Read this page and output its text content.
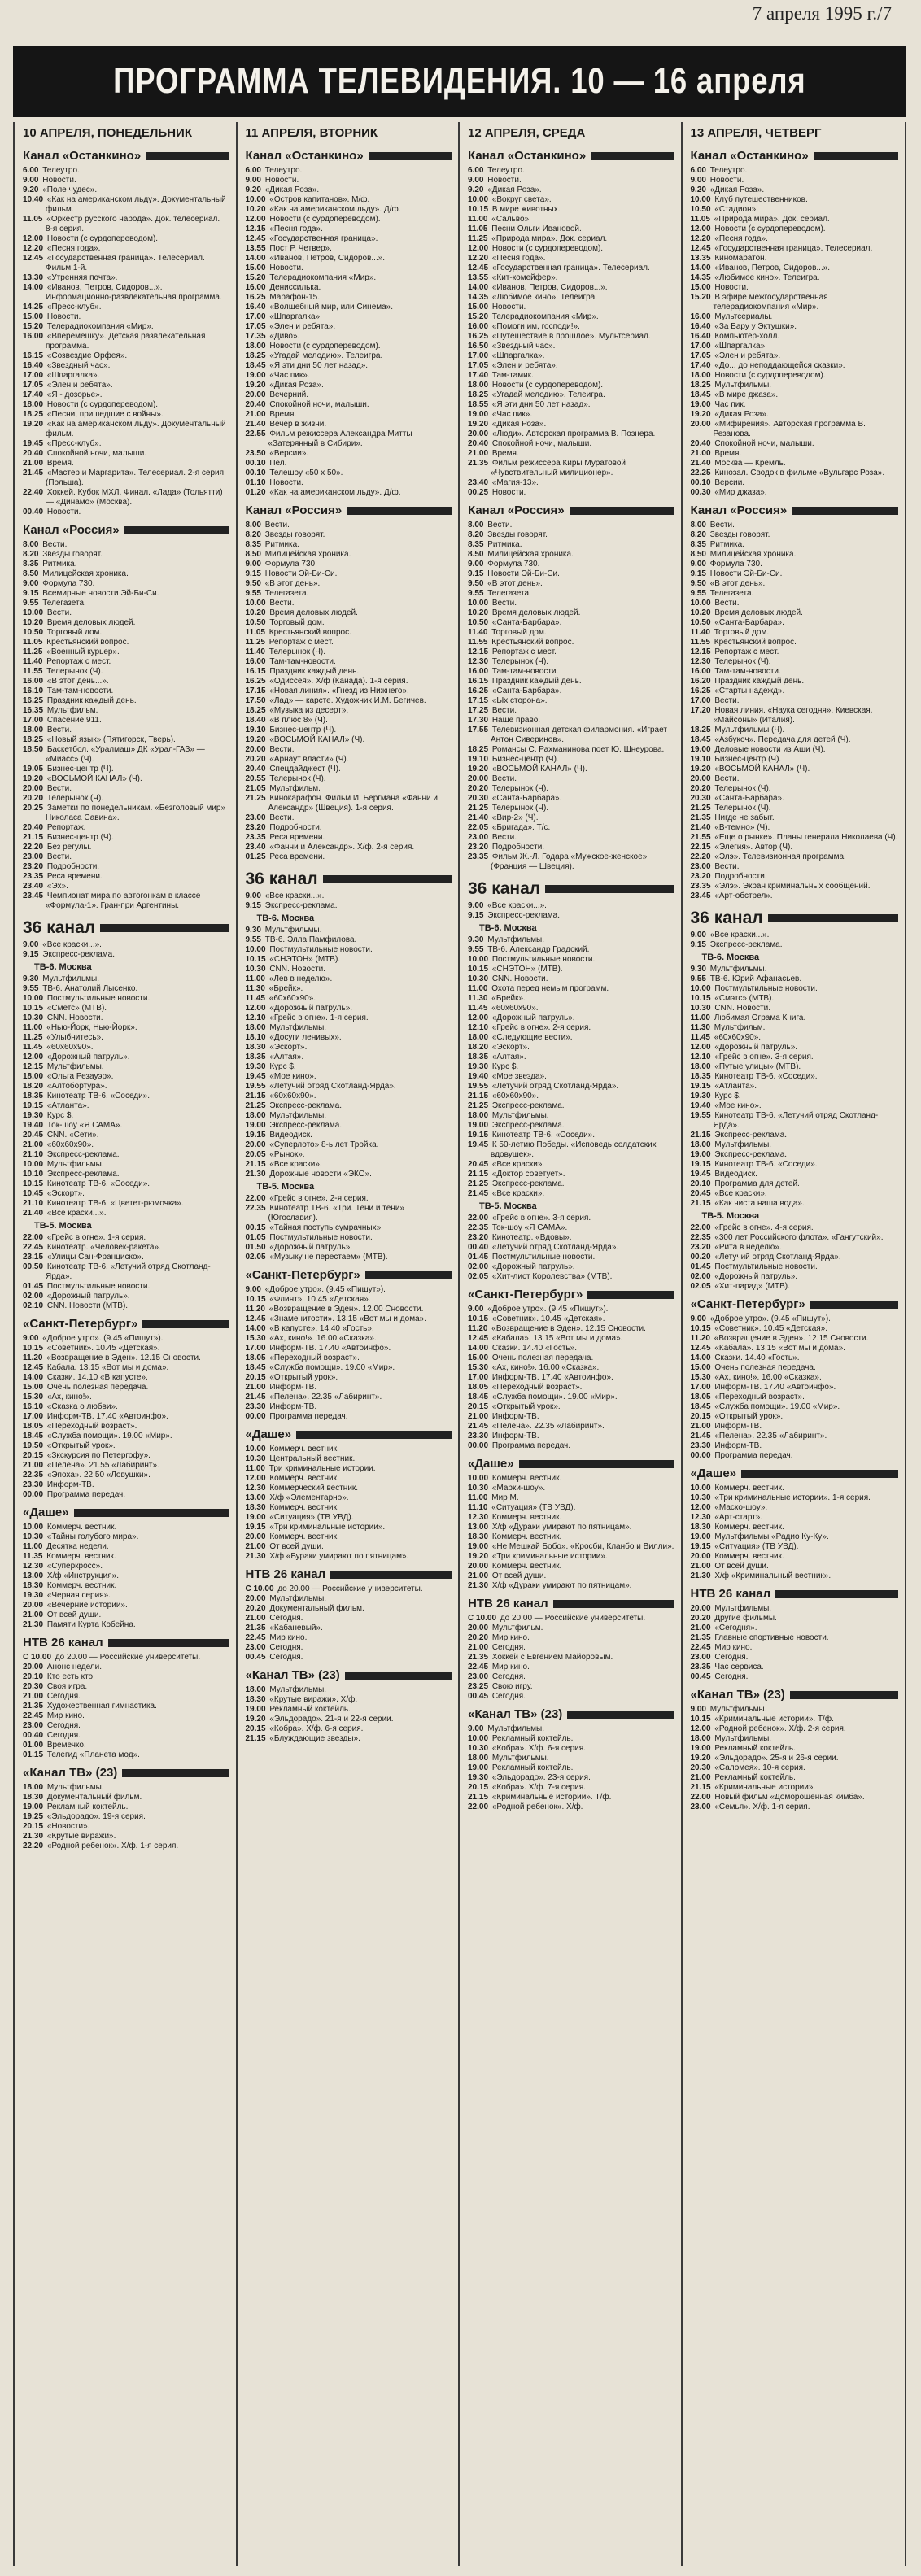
7 апреля 1995 г./7
ПРОГРАММА ТЕЛЕВИДЕНИЯ. 10 — 16 апреля
10 АПРЕЛЯ, ПОНЕДЕЛЬНИК
Канал «Останкино»
6.00 Телеутро.
9.00 Новости.
9.20 «Поле чудес».
10.40 «Как на американском льду». Документальный фильм.
11.05 «Оркестр русского народа». Док. телесериал. 8-я серия.
12.00 Новости (с сурдопереводом).
12.20 «Песня года».
12.45 «Государственная граница». Телесериал. Фильм 1-й.
13.30 «Утренняя почта».
14.00 «Иванов, Петров, Сидоров...». Информационно-развлекательная программа.
14.25 «Пресс-клуб».
15.00 Новости.
15.20 Телерадиокомпания «Мир».
16.00 «Вперемешку». Детская развлекательная программа.
16.15 «Созвездие Орфея».
16.40 «Звездный час».
17.00 «Шпаргалка».
17.05 «Элен и ребята».
17.40 «Я - дозорье».
18.00 Новости (с сурдопереводом).
18.25 «Песни, пришедшие с войны».
19.20 «Как на американском льду». Документальный фильм.
19.45 «Пресс-клуб».
20.40 Спокойной ночи, малыши.
21.00 Время.
21.45 «Мастер и Маргарита». Телесериал. 2-я серия (Польша).
22.40 Хоккей. Кубок МХЛ. Финал. «Лада» (Тольятти) — «Динамо» (Москва).
00.40 Новости.
Канал «Россия»
8.00 Вести.
8.20 Звезды говорят.
8.35 Ритмика.
8.50 Милицейская хроника.
9.00 Формула 730.
9.15 Всемирные новости Эй-Би-Си.
9.55 Телегазета.
10.00 Вести.
10.20 Время деловых людей.
10.50 Торговый дом.
11.05 Крестьянский вопрос.
11.25 «Военный курьер».
11.40 Репортаж с мест.
11.55 Телерынок (Ч).
16.00 «В этот день...».
16.10 Там-там-новости.
16.25 Праздник каждый день.
16.35 Мультфильм.
17.00 Спасение 911.
18.00 Вести.
18.25 «Новый язык» (Пятигорск, Тверь).
18.50 Баскетбол. «Уралмаш» ДК «Урал-ГАЗ» — «Миасс» (Ч).
19.05 Бизнес-центр (Ч).
19.20 «ВОСЬМОЙ КАНАЛ» (Ч).
20.00 Вести.
20.20 Телерынок (Ч).
20.25 Заметки по понедельникам. «Безголовый мир» Николаса Савина».
20.40 Репортаж.
21.15 Бизнес-центр (Ч).
22.20 Без регулы.
23.00 Вести.
23.20 Подробности.
23.35 Реса времени.
23.40 «Эх».
23.45 Чемпионат мира по автогонкам в классе «Формула-1». Гран-при Аргентины.
36 канал
9.00 «Все краски...».
9.15 Экспресс-реклама.
ТВ-6. Москва
9.30 Мультфильмы.
9.55 ТВ-6. Анатолий Лысенко.
10.00 Постмультильные новости.
10.15 «Сметс» (МТВ).
10.30 CNN. Новости.
11.00 «Нью-Йорк, Нью-Йорк».
11.25 «Улыбнитесь».
11.45 «60x60x90».
12.00 «Дорожный патруль».
12.15 Мультфильмы.
18.00 «Ольга Резауэр».
18.20 «Алтобортура».
18.35 Кинотеатр ТВ-6. «Соседи».
19.15 «Атланта».
19.30 Курс $.
19.40 Ток-шоу «Я САМА».
20.45 CNN. «Сети».
21.00 «60x60x90».
21.10 Экспресс-реклама.
10.00 Мультфильмы.
10.10 Экспресс-реклама.
10.15 Кинотеатр ТВ-6. «Соседи».
10.45 «Эскорт».
21.10 Кинотеатр ТВ-6. «Цветет-рюмочка».
21.40 «Все краски...».
ТВ-5. Москва
22.00 «Грейс в огне». 1-я серия.
22.45 Кинотеатр. «Человек-ракета».
23.15 «Улицы Сан-Франциско».
00.50 Кинотеатр ТВ-6. «Летучий отряд Скотланд-Ярда».
01.45 Постмультильные новости.
02.00 «Дорожный патруль».
02.10 CNN. Новости (МТВ).
«Санкт-Петербург»
9.00 «Доброе утро». (9.45 «Пишут»).
10.15 «Советник». 10.45 «Детская».
11.20 «Возвращение в Эден». 12.15 Сновости.
12.45 Кабала. 13.15 «Вот мы и дома».
14.00 Сказки. 14.10 «В капусте».
15.00 Очень полезная передача.
15.30 «Ах, кино!».
16.10 «Сказка о любви».
17.00 Информ-ТВ. 17.40 «Автоинфо».
18.05 «Переходный возраст».
18.45 «Служба помощи». 19.00 «Мир».
19.50 «Открытый урок».
20.15 «Зкскурсия по Петергофу».
21.00 «Пелена». 21.55 «Лабиринт».
22.35 «Эпоха». 22.50 «Ловушки».
23.30 Информ-ТВ.
00.00 Программа передач.
«Даше»
10.00 Коммерч. вестник.
10.30 «Тайны голубого мира».
11.00 Десятка недели.
11.35 Коммерч. вестник.
12.30 «Суперкросс».
13.00 Х/ф «Инструкция».
18.30 Коммерч. вестник.
19.30 «Черная серия».
20.00 «Вечерние истории».
21.00 От всей души.
21.30 Памяти Курта Кобейна.
НТВ 26 канал
С 10.00 до 20.00 — Российские университеты.
20.00 Анонс недели.
20.10 Кто есть кто.
20.30 Своя игра.
21.00 Сегодня.
21.35 Художественная гимнастика.
22.45 Мир кино.
23.00 Сегодня.
00.40 Сегодня.
01.00 Времечко.
01.15 Телегид «Планета мод».
«Канал ТВ» (23)
18.00 Мультфильмы.
18.30 Документальный фильм.
19.00 Рекламный коктейль.
19.25 «Эльдорадо». 19-я серия.
20.15 «Новости».
21.30 «Крутые виражи».
22.20 «Родной ребенок». Х/ф. 1-я серия.
11 АПРЕЛЯ, ВТОРНИК
Канал «Останкино»
6.00 Телеутро.
9.00 Новости.
9.20 «Дикая Роза».
10.00 «Остров капитанов». М/ф.
10.20 «Как на американском льду». Д/ф.
12.00 Новости (с сурдопереводом).
12.15 «Песня года».
12.45 «Государственная граница».
13.55 Пост Р. Четвер».
14.00 «Иванов, Петров, Сидоров...».
15.00 Новости.
15.20 Телерадиокомпания «Мир».
16.00 Дениссилька.
16.25 Марафон-15.
16.40 «Волшебный мир, или Синема».
17.00 «Шпаргалка».
17.05 «Элен и ребята».
17.35 «Диво».
18.00 Новости (с сурдопереводом).
18.25 «Угадай мелодию». Телеигра.
18.45 «Я эти дни 50 лет назад».
19.00 «Час пик».
19.20 «Дикая Роза».
20.00 Вечерний.
20.40 Спокойной ночи, малыши.
21.00 Время.
21.40 Вечер в жизни.
22.55 Фильм режиссера Александра Митты «Затерянный в Сибири».
23.50 «Версии».
00.10 Пел.
00.10 Телешоу «50 х 50».
01.10 Новости.
01.20 «Как на американском льду». Д/ф.
Канал «Россия»
8.00 Вести.
8.20 Звезды говорят.
8.35 Ритмика.
8.50 Милицейская хроника.
9.00 Формула 730.
9.15 Новости Эй-Би-Си.
9.50 «В этот день».
9.55 Телегазета.
10.00 Вести.
10.20 Время деловых людей.
10.50 Торговый дом.
11.05 Крестьянский вопрос.
11.25 Репортаж с мест.
11.40 Телерынок (Ч).
16.00 Там-там-новости.
16.15 Праздник каждый день.
16.25 «Одиссея». Х/ф (Канада). 1-я серия.
17.15 «Новая линия». «Гнезд из Нижнего».
17.50 «Лад» — карсте. Художник И.М. Бегичев.
18.25 «Музыка из десерт».
18.40 «В плюс 8» (Ч).
19.10 Бизнес-центр (Ч).
19.20 «ВОСЬМОЙ КАНАЛ» (Ч).
20.00 Вести.
20.20 «Арнаут власти» (Ч).
20.40 Спецдайджест (Ч).
20.55 Телерынок (Ч).
21.05 Мультфильм.
21.25 Кинокарафон. Фильм И. Бергмана «Фанни и Александр» (Швеция). 1-я серия.
23.00 Вести.
23.20 Подробности.
23.35 Реса времени.
23.40 «Фанни и Александр». Х/ф. 2-я серия.
01.25 Реса времени.
36 канал
9.00 «Все краски...».
9.15 Экспресс-реклама.
ТВ-6. Москва
9.30 Мультфильмы.
9.55 ТВ-6. Элла Памфилова.
10.00 Постмультильные новости.
10.15 «СНЭТОН» (МТВ).
10.30 CNN. Новости.
11.00 «Лев в неделю».
11.30 «Брейк».
11.45 «60x60x90».
12.00 «Дорожный патруль».
12.10 «Грейс в огне». 1-я серия.
18.00 Мультфильмы.
18.10 «Досуги ленивых».
18.30 «Эскорт».
18.35 «Алтая».
19.30 Курс $.
19.45 «Мое кино».
19.55 «Летучий отряд Скотланд-Ярда».
21.15 «60x60x90».
21.25 Экспресс-реклама.
18.00 Мультфильмы.
19.00 Экспресс-реклама.
19.15 Видеодиск.
20.00 «Суперлото» 8-ь лет Тройка.
20.05 «Рынок».
21.15 «Все краски».
21.30 Дорожные новости «ЭКО».
ТВ-5. Москва
22.00 «Грейс в огне». 2-я серия.
22.35 Кинотеатр ТВ-6. «Три. Тени и тени» (Югославия).
00.15 «Тайная поступь сумрачных».
01.05 Постмультильные новости.
01.50 «Дорожный патруль».
02.05 «Музыку не перестаем» (МТВ).
«Санкт-Петербург»
9.00 «Доброе утро». (9.45 «Пишут»).
10.15 «Флинт». 10.45 «Детская».
11.20 «Возвращение в Эден». 12.00 Сновости.
12.45 «Знаменитости». 13.15 «Вот мы и дома».
14.00 «В капусте». 14.40 «Гость».
15.30 «Ах, кино!». 16.00 «Сказка».
17.00 Информ-ТВ. 17.40 «Автоинфо».
18.05 «Переходный возраст».
18.45 «Служба помощи». 19.00 «Мир».
20.15 «Открытый урок».
21.00 Информ-ТВ.
21.45 «Пелена». 22.35 «Лабиринт».
23.30 Информ-ТВ.
00.00 Программа передач.
«Даше»
10.00 Коммерч. вестник.
10.30 Центральный вестник.
11.00 Три криминальные истории.
12.00 Коммерч. вестник.
12.30 Коммерческий вестник.
13.00 Х/ф «Элементарно».
18.30 Коммерч. вестник.
19.00 «Ситуация» (ТВ УВД).
19.15 «Три криминальные истории».
20.00 Коммерч. вестник.
21.00 От всей души.
21.30 Х/ф «Бураки умирают по пятницам».
НТВ 26 канал
С 10.00 до 20.00 — Российские университеты.
20.00 Мультфильмы.
20.20 Документальный фильм.
21.00 Сегодня.
21.35 «Кабаневый».
22.45 Мир кино.
23.00 Сегодня.
00.45 Сегодня.
«Канал ТВ» (23)
18.00 Мультфильмы.
18.30 «Крутые виражи». Х/ф.
19.00 Рекламный коктейль.
19.20 «Эльдорадо». 21-я и 22-я серии.
20.15 «Кобра». Х/ф. 6-я серия.
21.15 «Блуждающие звезды».
12 АПРЕЛЯ, СРЕДА
Канал «Останкино»
6.00 Телеутро.
9.00 Новости.
9.20 «Дикая Роза».
10.00 «Вокруг света».
10.15 В мире животных.
11.00 «Сальво».
11.05 Песни Ольги Ивановой.
11.25 «Природа мира». Док. сериал.
12.00 Новости (с сурдопереводом).
12.20 «Песня года».
12.45 «Государственная граница». Телесериал.
13.55 «Кит-комейфер».
14.00 «Иванов, Петров, Сидоров...».
14.35 «Любимое кино». Телеигра.
15.00 Новости.
15.20 Телерадиокомпания «Мир».
16.00 «Помоги им, господи!».
16.25 «Путешествие в прошлое». Мультсериал.
16.50 «Звездный час».
17.00 «Шпаргалка».
17.05 «Элен и ребята».
17.40 Там-тамик.
18.00 Новости (с сурдопереводом).
18.25 «Угадай мелодию». Телеигра.
18.55 «Я эти дни 50 лет назад».
19.00 «Час пик».
19.20 «Дикая Роза».
20.00 «Люди». Авторская программа В. Познера.
20.40 Спокойной ночи, малыши.
21.00 Время.
21.35 Фильм режиссера Киры Муратовой «Чувствительный милиционер».
23.40 «Магия-13».
00.25 Новости.
Канал «Россия»
8.00 Вести.
8.20 Звезды говорят.
8.35 Ритмика.
8.50 Милицейская хроника.
9.00 Формула 730.
9.15 Новости Эй-Би-Си.
9.50 «В этот день».
9.55 Телегазета.
10.00 Вести.
10.20 Время деловых людей.
10.50 «Санта-Барбара».
11.40 Торговый дом.
11.55 Крестьянский вопрос.
12.15 Репортаж с мест.
12.30 Телерынок (Ч).
16.00 Там-там-новости.
16.15 Праздник каждый день.
16.25 «Санта-Барбара».
17.15 «Ых сторона».
17.25 Вести.
17.30 Наше право.
17.55 Телевизионная детская филармония. «Играет Антон Сиверинов».
18.25 Романсы С. Рахманинова поет Ю. Шнеурова.
19.10 Бизнес-центр (Ч).
19.20 «ВОСЬМОЙ КАНАЛ» (Ч).
20.00 Вести.
20.20 Телерынок (Ч).
20.30 «Санта-Барбара».
21.25 Телерынок (Ч).
21.40 «Вир-2» (Ч).
22.05 «Бригада». Т/с.
23.00 Вести.
23.20 Подробности.
23.35 Фильм Ж.-Л. Годара «Мужское-женское» (Франция — Швеция).
36 канал
9.00 «Все краски...».
9.15 Экспресс-реклама.
ТВ-6. Москва
9.30 Мультфильмы.
9.55 ТВ-6. Александр Градский.
10.00 Постмультильные новости.
10.15 «СНЭТОН» (МТВ).
10.30 CNN. Новости.
11.00 Охота перед немым программ.
11.30 «Брейк».
11.45 «60x60x90».
12.00 «Дорожный патруль».
12.10 «Грейс в огне». 2-я серия.
18.00 «Следующие вести».
18.20 «Эскорт».
18.35 «Алтая».
19.30 Курс $.
19.40 «Мое звезда».
19.55 «Летучий отряд Скотланд-Ярда».
21.15 «60x60x90».
21.25 Экспресс-реклама.
18.00 Мультфильмы.
19.00 Экспресс-реклама.
19.15 Кинотеатр ТВ-6. «Соседи».
19.45 К 50-летию Победы. «Исповедь солдатских вдовушек».
20.45 «Все краски».
21.15 «Доктор советует».
21.25 Экспресс-реклама.
21.45 «Все краски».
ТВ-5. Москва
22.00 «Грейс в огне». 3-я серия.
22.35 Ток-шоу «Я САМА».
23.20 Кинотеатр. «Вдовы».
00.40 «Летучий отряд Скотланд-Ярда».
01.45 Постмультильные новости.
02.00 «Дорожный патруль».
02.05 «Хит-лист Королевства» (МТВ).
«Санкт-Петербург»
9.00 «Доброе утро». (9.45 «Пишут»).
10.15 «Советник». 10.45 «Детская».
11.20 «Возвращение в Эден». 12.15 Сновости.
12.45 «Кабала». 13.15 «Вот мы и дома».
14.00 Сказки. 14.40 «Гость».
15.00 Очень полезная передача.
15.30 «Ах, кино!». 16.00 «Сказка».
17.00 Информ-ТВ. 17.40 «Автоинфо».
18.05 «Переходный возраст».
18.45 «Служба помощи». 19.00 «Мир».
20.15 «Открытый урок».
21.00 Информ-ТВ.
21.45 «Пелена». 22.35 «Лабиринт».
23.30 Информ-ТВ.
00.00 Программа передач.
«Даше»
10.00 Коммерч. вестник.
10.30 «Марки-шоу».
11.00 Мир М.
11.10 «Ситуация» (ТВ УВД).
12.30 Коммерч. вестник.
13.00 Х/ф «Дураки умирают по пятницам».
18.30 Коммерч. вестник.
19.00 «Не Мешкай Бобо». «Кросби, Кланбо и Вилли».
19.20 «Три криминальные истории».
20.00 Коммерч. вестник.
21.00 От всей души.
21.30 Х/ф «Дураки умирают по пятницам».
НТВ 26 канал
С 10.00 до 20.00 — Российские университеты.
20.00 Мультфильм.
20.20 Мир кино.
21.00 Сегодня.
21.35 Хоккей с Евгением Майоровым.
22.45 Мир кино.
23.00 Сегодня.
23.25 Свою игру.
00.45 Сегодня.
«Канал ТВ» (23)
9.00 Мультфильмы.
10.00 Рекламный коктейль.
10.30 «Кобра». Х/ф. 6-я серия.
18.00 Мультфильмы.
19.00 Рекламный коктейль.
19.30 «Эльдорадо». 23-я серия.
20.15 «Кобра». Х/ф. 7-я серия.
21.15 «Криминальные истории». Т/ф.
22.00 «Родной ребенок». Х/ф.
13 АПРЕЛЯ, ЧЕТВЕРГ
Канал «Останкино»
6.00 Телеутро.
9.00 Новости.
9.20 «Дикая Роза».
10.00 Клуб путешественников.
10.50 «Стадион».
11.05 «Природа мира». Док. сериал.
12.00 Новости (с сурдопереводом).
12.20 «Песня года».
12.45 «Государственная граница». Телесериал.
13.35 Киномаратон.
14.00 «Иванов, Петров, Сидоров...».
14.35 «Любимое кино». Телеигра.
15.00 Новости.
15.20 В эфире межгосударственная телерадиокомпания «Мир».
16.00 Мультсериалы.
16.40 «За Бару у Эктушки».
16.40 Компьютер-холл.
17.00 «Шпаргалка».
17.05 «Элен и ребята».
17.40 «До... до неподдающейся сказки».
18.00 Новости (с сурдопереводом).
18.25 Мультфильмы.
18.45 «В мире джаза».
19.00 Час пик.
19.20 «Дикая Роза».
20.00 «Мифирения». Авторская программа В. Резанова.
20.40 Спокойной ночи, малыши.
21.00 Время.
21.40 Москва — Кремль.
22.25 Кинозал. Сводок в фильме «Вульгарс Роза».
00.10 Версии.
00.30 «Мир джаза».
Канал «Россия»
8.00 Вести.
8.20 Звезды говорят.
8.35 Ритмика.
8.50 Милицейская хроника.
9.00 Формула 730.
9.15 Новости Эй-Би-Си.
9.50 «В этот день».
9.55 Телегазета.
10.00 Вести.
10.20 Время деловых людей.
10.50 «Санта-Барбара».
11.40 Торговый дом.
11.55 Крестьянский вопрос.
12.15 Репортаж с мест.
12.30 Телерынок (Ч).
16.00 Там-там-новости.
16.20 Праздник каждый день.
16.25 «Старты надежд».
17.00 Вести.
17.20 Новая линия. «Наука сегодня». Киевская. «Майсоны» (Италия).
18.25 Мультфильмы (Ч).
18.45 «Азбукоч». Передача для детей (Ч).
19.00 Деловые новости из Аши (Ч).
19.10 Бизнес-центр (Ч).
19.20 «ВОСЬМОЙ КАНАЛ» (Ч).
20.00 Вести.
20.20 Телерынок (Ч).
20.30 «Санта-Барбара».
21.25 Телерынок (Ч).
21.35 Нигде не забыт.
21.40 «В-темно» (Ч).
21.55 «Еще о рынке». Планы генерала Николаева (Ч).
22.15 «Элегия». Автор (Ч).
22.20 «Элэ». Телевизионная программа.
23.00 Вести.
23.20 Подробности.
23.35 «Элэ». Экран криминальных сообщений.
23.45 «Арт-обстрел».
36 канал
9.00 «Все краски...».
9.15 Экспресс-реклама.
ТВ-6. Москва
9.30 Мультфильмы.
9.55 ТВ-6. Юрий Афанасьев.
10.00 Постмультильные новости.
10.15 «Смэтс» (МТВ).
10.30 CNN. Новости.
11.00 Любимая Ограма Книга.
11.30 Мультфильм.
11.45 «60x60x90».
12.00 «Дорожный патруль».
12.10 «Грейс в огне». 3-я серия.
18.00 «Путые улицы» (МТВ).
18.35 Кинотеатр ТВ-6. «Соседи».
19.15 «Атланта».
19.30 Курс $.
19.40 «Мое кино».
19.55 Кинотеатр ТВ-6. «Летучий отряд Скотланд-Ярда».
21.15 Экспресс-реклама.
18.00 Мультфильмы.
19.00 Экспресс-реклама.
19.15 Кинотеатр ТВ-6. «Соседи».
19.45 Видеодиск.
20.10 Программа для детей.
20.45 «Все краски».
21.15 «Как чиста наша вода».
ТВ-5. Москва
22.00 «Грейс в огне». 4-я серия.
22.35 «300 лет Российского флота». «Гангутский».
23.20 «Рита в неделю».
00.20 «Летучий отряд Скотланд-Ярда».
01.45 Постмультильные новости.
02.00 «Дорожный патруль».
02.05 «Хит-парад» (МТВ).
«Санкт-Петербург»
9.00 «Доброе утро». (9.45 «Пишут»).
10.15 «Советник». 10.45 «Детская».
11.20 «Возвращение в Эден». 12.15 Сновости.
12.45 «Кабала». 13.15 «Вот мы и дома».
14.00 Сказки. 14.40 «Гость».
15.00 Очень полезная передача.
15.30 «Ах, кино!». 16.00 «Сказка».
17.00 Информ-ТВ. 17.40 «Автоинфо».
18.05 «Переходный возраст».
18.45 «Служба помощи». 19.00 «Мир».
20.15 «Открытый урок».
21.00 Информ-ТВ.
21.45 «Пелена». 22.35 «Лабиринт».
23.30 Информ-ТВ.
00.00 Программа передач.
«Даше»
10.00 Коммерч. вестник.
10.30 «Три криминальные истории». 1-я серия.
12.00 «Маско-шоу».
12.30 «Арт-старт».
18.30 Коммерч. вестник.
19.00 Мультфильмы «Радио Ку-Ку».
19.15 «Ситуация» (ТВ УВД).
20.00 Коммерч. вестник.
21.00 От всей души.
21.30 Х/ф «Криминальный вестник».
НТВ 26 канал
20.00 Мультфильмы.
20.20 Другие фильмы.
21.00 «Сегодня».
21.35 Главные спортивные новости.
22.45 Мир кино.
23.00 Сегодня.
23.35 Час сервиса.
00.45 Сегодня.
«Канал ТВ» (23)
9.00 Мультфильмы.
10.15 «Криминальные истории». Т/ф.
12.00 «Родной ребенок». Х/ф. 2-я серия.
18.00 Мультфильмы.
19.00 Рекламный коктейль.
19.20 «Эльдорадо». 25-я и 26-я серии.
20.30 «Саломея». 10-я серия.
21.00 Рекламный коктейль.
21.15 «Криминальные истории».
22.00 Новый фильм «Доморощенная кимба».
23.00 «Семья». Х/ф. 1-я серия.
